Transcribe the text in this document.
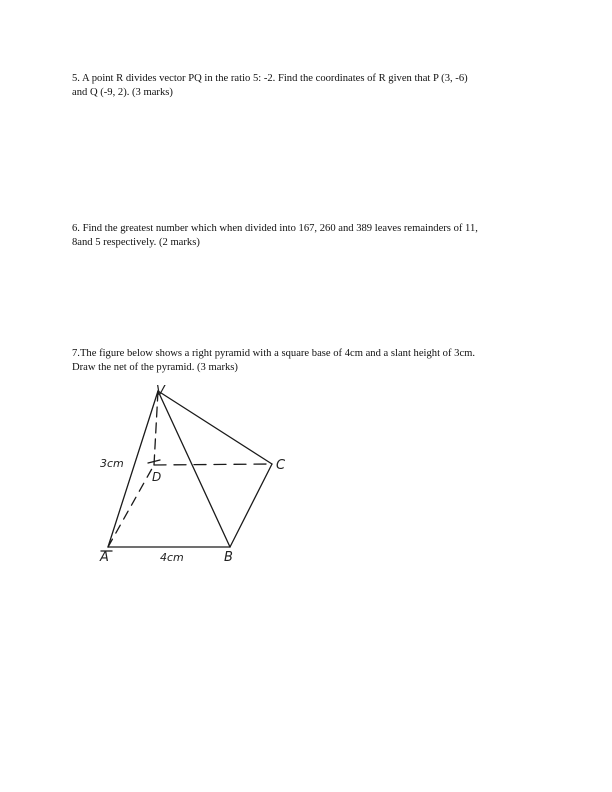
5. A point R divides vector PQ in the ratio 5: -2. Find the coordinates of R given that P (3, -6)

and Q (-9, 2). (3 marks)

6. Find the greatest number which when divided into 167, 260 and 389 leaves remainders of 11,

8and 5 respectively. (2 marks)

7.The figure below shows a right pyramid with a square base of 4cm and a slant height of 3cm.

Draw the net of the pyramid. (3 marks)

V
A	B
C
D
3cm
4cm
